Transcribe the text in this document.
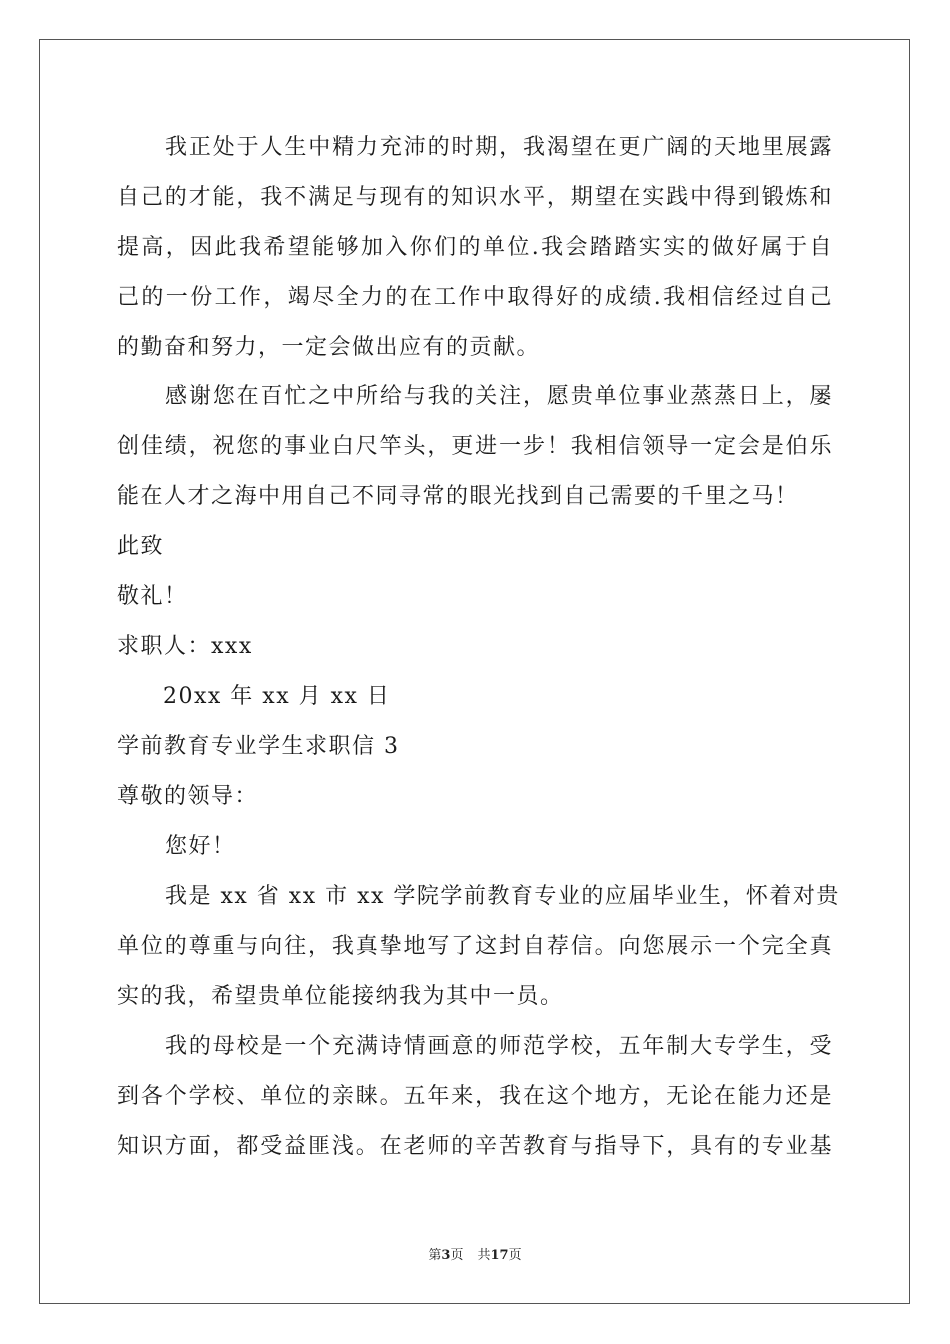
我正处于人生中精力充沛的时期，我渴望在更广阔的天地里展露
自己的才能，我不满足与现有的知识水平，期望在实践中得到锻炼和
提高，因此我希望能够加入你们的单位.我会踏踏实实的做好属于自
己的一份工作，竭尽全力的在工作中取得好的成绩.我相信经过自己
的勤奋和努力，一定会做出应有的贡献。
感谢您在百忙之中所给与我的关注，愿贵单位事业蒸蒸日上，屡
创佳绩，祝您的事业白尺竿头，更进一步！我相信领导一定会是伯乐
能在人才之海中用自己不同寻常的眼光找到自己需要的千里之马！
此致
敬礼！
求职人：xxx
20xx 年 xx 月 xx 日
学前教育专业学生求职信 3
尊敬的领导：
您好！
我是 xx 省 xx 市 xx 学院学前教育专业的应届毕业生，怀着对贵
单位的尊重与向往，我真挚地写了这封自荐信。向您展示一个完全真
实的我，希望贵单位能接纳我为其中一员。
我的母校是一个充满诗情画意的师范学校，五年制大专学生，受
到各个学校、单位的亲睐。五年来，我在这个地方，无论在能力还是
知识方面，都受益匪浅。在老师的辛苦教育与指导下，具有的专业基
第3页 共17页
